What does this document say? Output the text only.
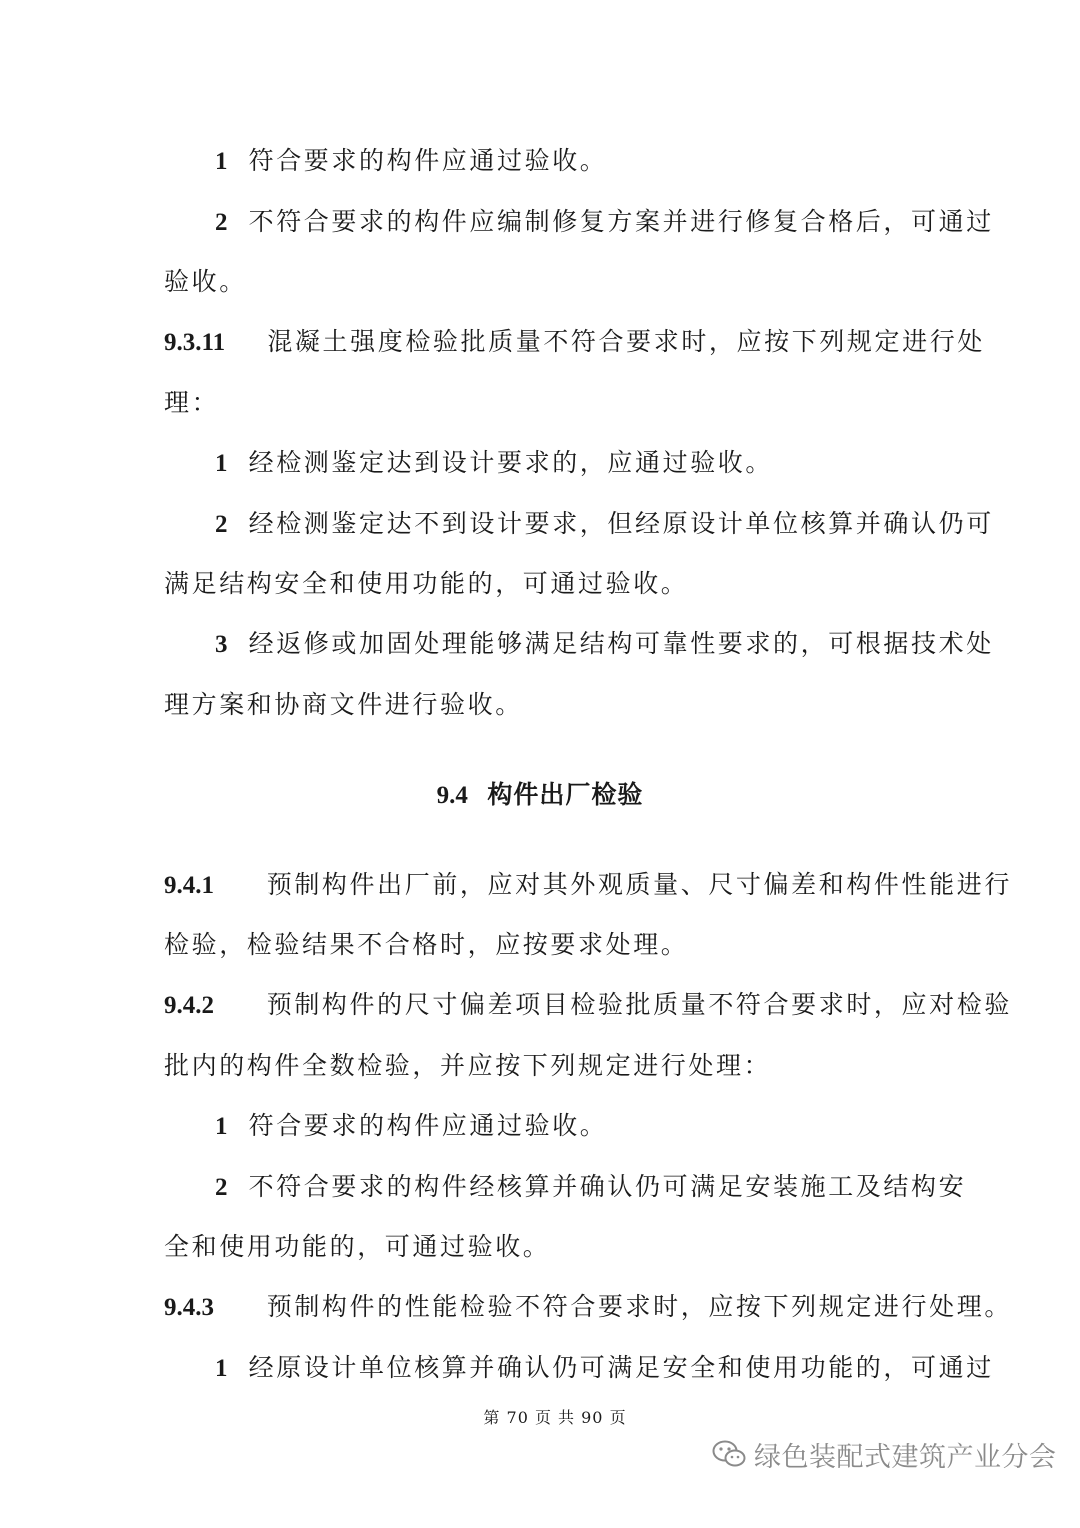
1 符合要求的构件应通过验收。
2 不符合要求的构件应编制修复方案并进行修复合格后，可通过
验收。
9.3.11 混凝土强度检验批质量不符合要求时，应按下列规定进行处
理：
1 经检测鉴定达到设计要求的，应通过验收。
2 经检测鉴定达不到设计要求，但经原设计单位核算并确认仍可
满足结构安全和使用功能的，可通过验收。
3 经返修或加固处理能够满足结构可靠性要求的，可根据技术处
理方案和协商文件进行验收。
9.4 构件出厂检验
9.4.1 预制构件出厂前，应对其外观质量、尺寸偏差和构件性能进行
检验，检验结果不合格时，应按要求处理。
9.4.2 预制构件的尺寸偏差项目检验批质量不符合要求时，应对检验
批内的构件全数检验，并应按下列规定进行处理：
1 符合要求的构件应通过验收。
2 不符合要求的构件经核算并确认仍可满足安装施工及结构安
全和使用功能的，可通过验收。
9.4.3 预制构件的性能检验不符合要求时，应按下列规定进行处理。
1 经原设计单位核算并确认仍可满足安全和使用功能的，可通过
第 70 页 共 90 页
绿色装配式建筑产业分会
